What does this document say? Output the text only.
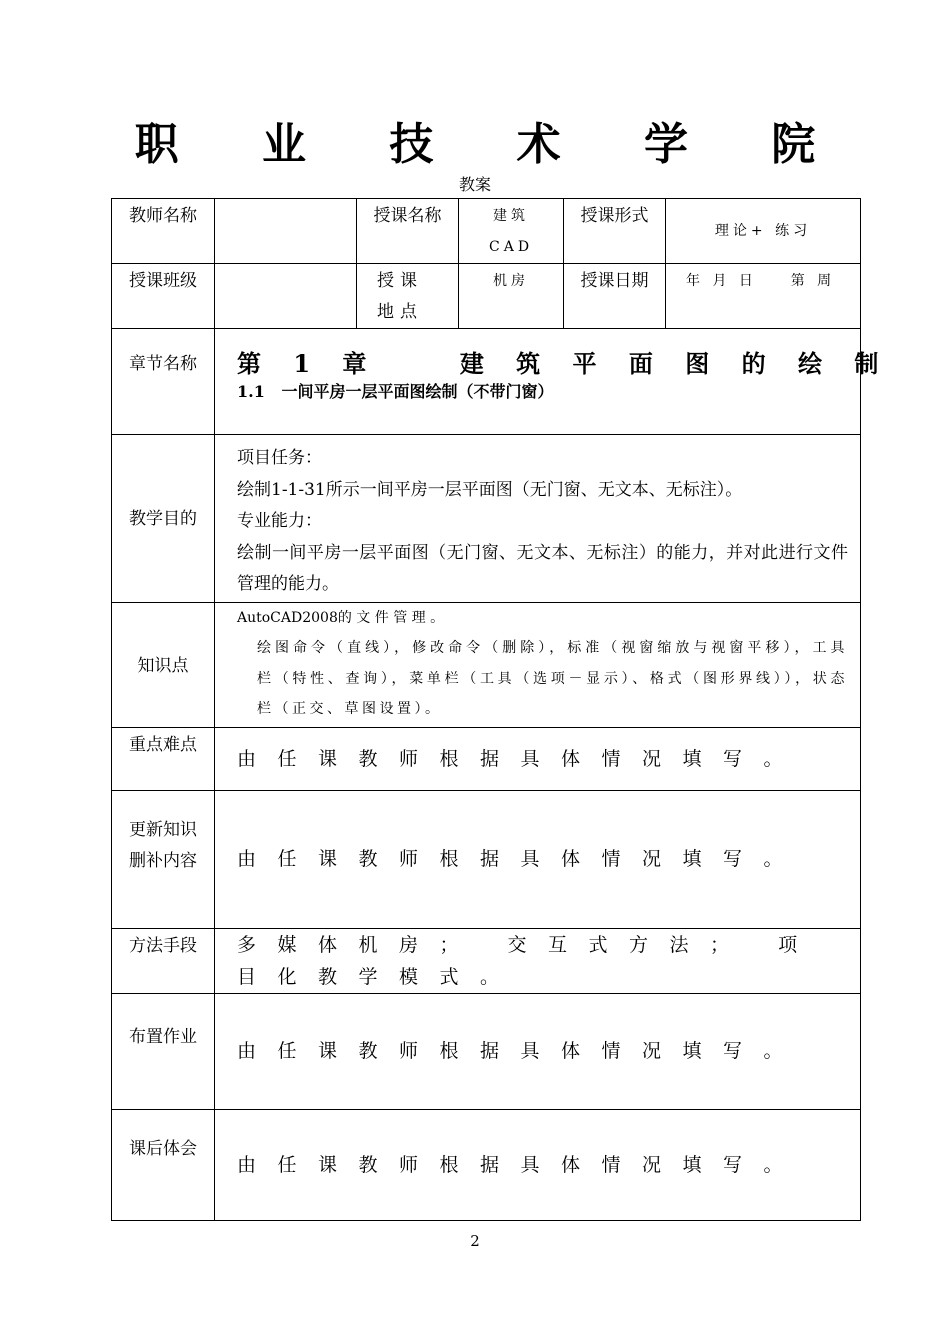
职 业 技 术 学 院
教案
教师名称		授课名称	建筑CAD	授课形式	理论+ 练习
授课班级		授课地点	机房	授课日期	年 月 日    第 周
章节名称	第 1 章    建 筑 平 面 图 的 绘 制
1.1   一间平房一层平面图绘制（不带门窗）				

教学目的	项目任务：
绘制1-1-31所示一间平房一层平面图（无门窗、无文本、无标注）。
专业能力：
绘制一间平房一层平面图（无门窗、无文本、无标注）的能力，并对此进行文件管理的能力。				

知识点	AutoCAD2008的 文 件 管 理 。
绘图命令（直线），修改命令（删除），标准（视窗缩放与视窗平移），工具栏（特性、查询），菜单栏（工具（选项－显示）、格式（图形界线）），状态栏（正交、草图设置）。				

重点难点	由任课教师根据具体情况填写。				

更新知识删补内容	由任课教师根据具体情况填写。				

方法手段	多媒体机房； 交互式方法； 项目化教学模式。				

布置作业	由任课教师根据具体情况填写。				

课后体会	由任课教师根据具体情况填写。				
2
